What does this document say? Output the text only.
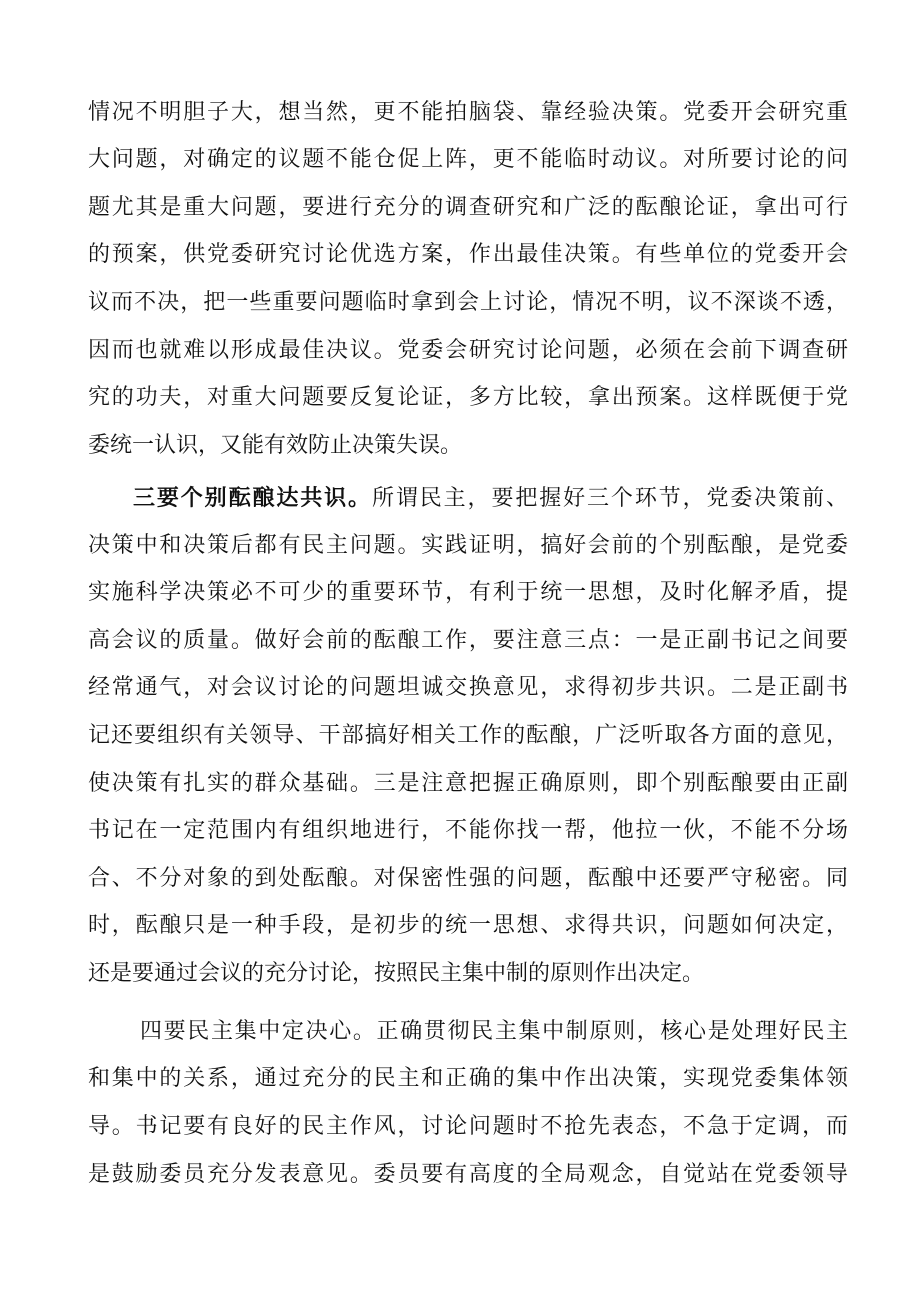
情况不明胆子大，想当然，更不能拍脑袋、靠经验决策。党委开会研究重
大问题，对确定的议题不能仓促上阵，更不能临时动议。对所要讨论的问
题尤其是重大问题，要进行充分的调查研究和广泛的酝酿论证，拿出可行
的预案，供党委研究讨论优选方案，作出最佳决策。有些单位的党委开会
议而不决，把一些重要问题临时拿到会上讨论，情况不明，议不深谈不透，
因而也就难以形成最佳决议。党委会研究讨论问题，必须在会前下调查研
究的功夫，对重大问题要反复论证，多方比较，拿出预案。这样既便于党
委统一认识，又能有效防止决策失误。
三要个别酝酿达共识。所谓民主，要把握好三个环节，党委决策前、
决策中和决策后都有民主问题。实践证明，搞好会前的个别酝酿，是党委
实施科学决策必不可少的重要环节，有利于统一思想，及时化解矛盾，提
高会议的质量。做好会前的酝酿工作，要注意三点：一是正副书记之间要
经常通气，对会议讨论的问题坦诚交换意见，求得初步共识。二是正副书
记还要组织有关领导、干部搞好相关工作的酝酿，广泛听取各方面的意见，
使决策有扎实的群众基础。三是注意把握正确原则，即个别酝酿要由正副
书记在一定范围内有组织地进行，不能你找一帮，他拉一伙，不能不分场
合、不分对象的到处酝酿。对保密性强的问题，酝酿中还要严守秘密。同
时，酝酿只是一种手段，是初步的统一思想、求得共识，问题如何决定，
还是要通过会议的充分讨论，按照民主集中制的原则作出决定。
四要民主集中定决心。正确贯彻民主集中制原则，核心是处理好民主
和集中的关系，通过充分的民主和正确的集中作出决策，实现党委集体领
导。书记要有良好的民主作风，讨论问题时不抢先表态，不急于定调，而
是鼓励委员充分发表意见。委员要有高度的全局观念，自觉站在党委领导
